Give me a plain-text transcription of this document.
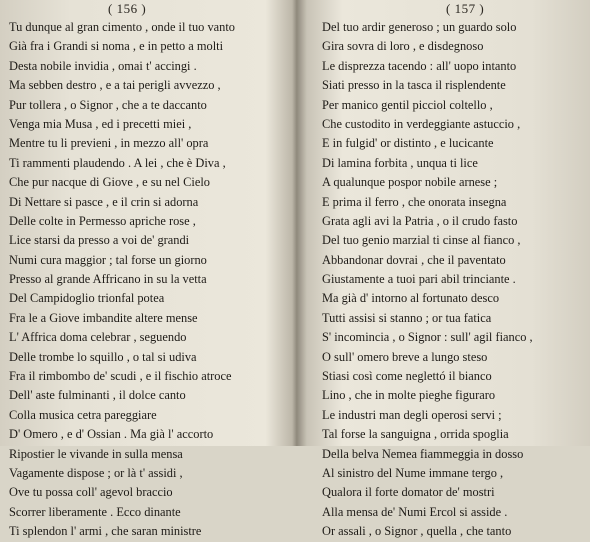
( 156 )
Tu dunque al gran cimento , onde il tuo vanto
Già fra i Grandi si noma , e in petto a molti
Desta nobile invidia , omai t' accingi .
Ma sebben destro , e a tai perigli avvezzo ,
Pur tollera , o Signor , che a te daccanto
Venga mia Musa , ed i precetti miei ,
Mentre tu li previeni , in mezzo all' opra
Ti rammenti plaudendo . A lei , che è Diva ,
Che pur nacque di Giove , e su nel Cielo
Di Nettare si pasce , e il crin si adorna
Delle colte in Permesso apriche rose ,
Lice starsi da presso a voi de' grandi
Numi cura maggior ; tal forse un giorno
Presso al grande Affricano in su la vetta
Del Campidoglio trionfal potea
Fra le a Giove imbandite altere mense
L' Affrica doma celebrar , seguendo
Delle trombe lo squillo , o tal si udiva
Fra il rimbombo de' scudi , e il fischio atroce
Dell' aste fulminanti , il dolce canto
Colla musica cetra pareggiare
D' Omero , e d' Ossian . Ma già l' accorto
Ripostier le vivande in sulla mensa
Vagamente dispose ; or là t' assidi ,
Ove tu possa coll' agevol braccio
Scorrer liberamente . Ecco dinante
Ti splendon l' armi , che saran ministre
( 157 )
Del tuo ardir generoso ; un guardo solo
Gira sovra di loro , e disdegnoso
Le disprezza tacendo : all' uopo intanto
Siati presso in la tasca il risplendente
Per manico gentil picciol coltello ,
Che custodito in verdeggiante astuccio ,
E in fulgid' or distinto , e lucicante
Di lamina forbita , unqua ti lice
A qualunque pospor nobile arnese ;
E prima il ferro , che onorata insegna
Grata agli avi la Patria , o il crudo fasto
Del tuo genio marzial ti cinse al fianco ,
Abbandonar dovrai , che il paventato
Giustamente a tuoi pari abil trinciante .
Ma già d' intorno al fortunato desco
Tutti assisi si stanno ; or tua fatica
S' incomincia , o Signor : sull' agil fianco ,
O sull' omero breve a lungo steso
Stiasi così come neglettó il bianco
Lino , che in molte pieghe figuraro
Le industri man degli operosi servi ;
Tal forse la sanguigna , orrida spoglia
Della belva Nemea fiammeggia in dosso
Al sinistro del Nume immane tergo ,
Qualora il forte domator de' mostri
Alla mensa de' Numi Ercol si asside .
Or assali , o Signor , quella , che tanto
